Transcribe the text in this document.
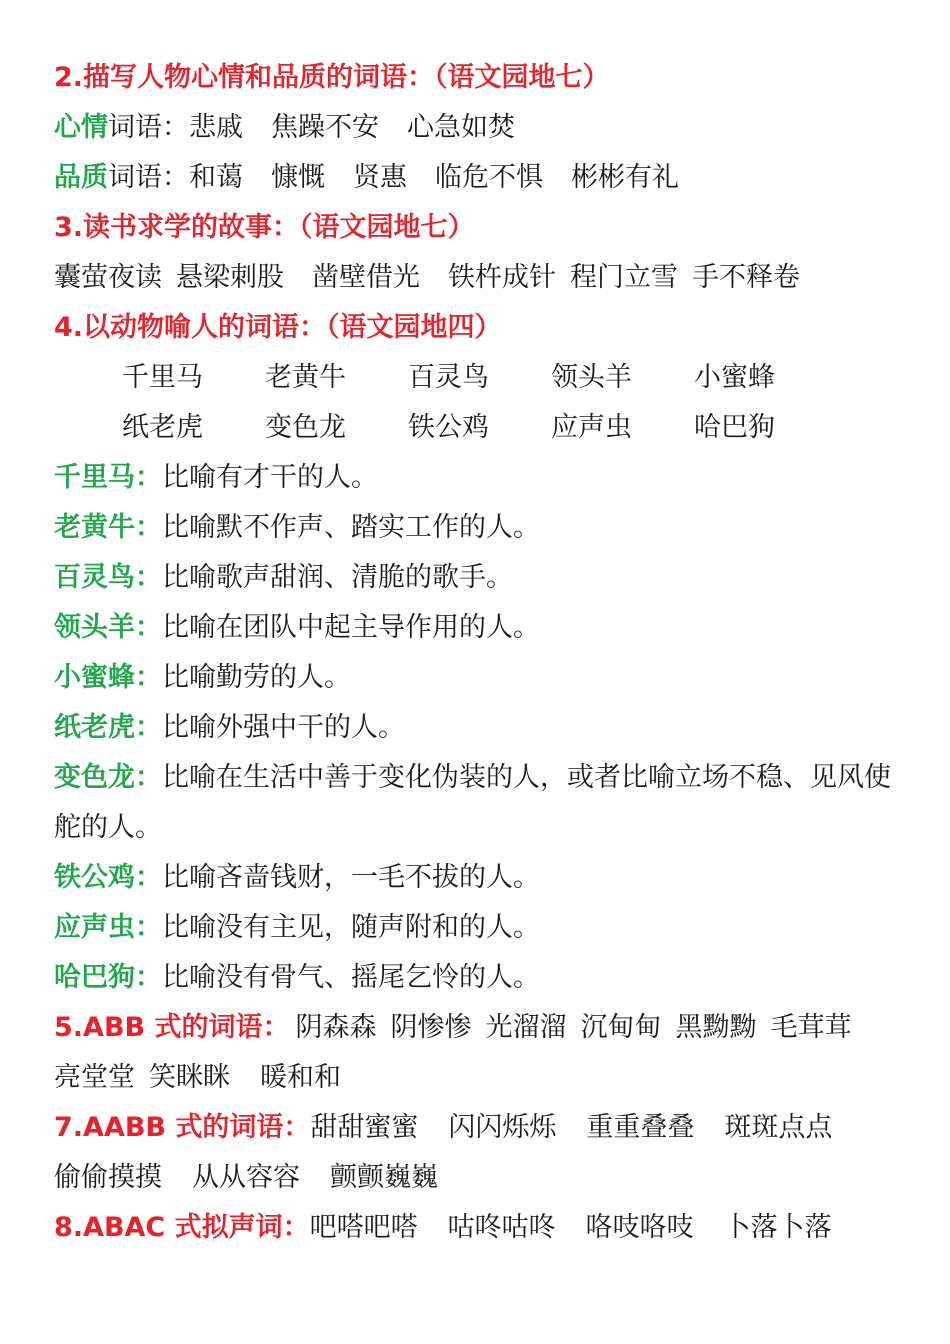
2.描写人物心情和品质的词语：（语文园地七）
心情词语：悲戚 焦躁不安 心急如焚
品质词语：和蔼 慷慨 贤惠 临危不惧 彬彬有礼
3.读书求学的故事：（语文园地七）
囊萤夜读 悬梁刺股 凿壁借光 铁杵成针 程门立雪 手不释卷
4.以动物喻人的词语：（语文园地四）
千里马	老黄牛	百灵鸟	领头羊	小蜜蜂
纸老虎	变色龙	铁公鸡	应声虫	哈巴狗
千里马：比喻有才干的人。
老黄牛：比喻默不作声、踏实工作的人。
百灵鸟：比喻歌声甜润、清脆的歌手。
领头羊：比喻在团队中起主导作用的人。
小蜜蜂：比喻勤劳的人。
纸老虎：比喻外强中干的人。
变色龙：比喻在生活中善于变化伪装的人，或者比喻立场不稳、见风使舵的人。
铁公鸡：比喻吝啬钱财，一毛不拔的人。
应声虫：比喻没有主见，随声附和的人。
哈巴狗：比喻没有骨气、摇尾乞怜的人。
5.ABB 式的词语： 阴森森 阴惨惨 光溜溜 沉甸甸 黑黝黝 毛茸茸
亮堂堂 笑眯眯 暖和和
7.AABB 式的词语：甜甜蜜蜜 闪闪烁烁 重重叠叠 斑斑点点
偷偷摸摸 从从容容 颤颤巍巍
8.ABAC 式拟声词：吧嗒吧嗒 咕咚咕咚 咯吱咯吱 卜落卜落
